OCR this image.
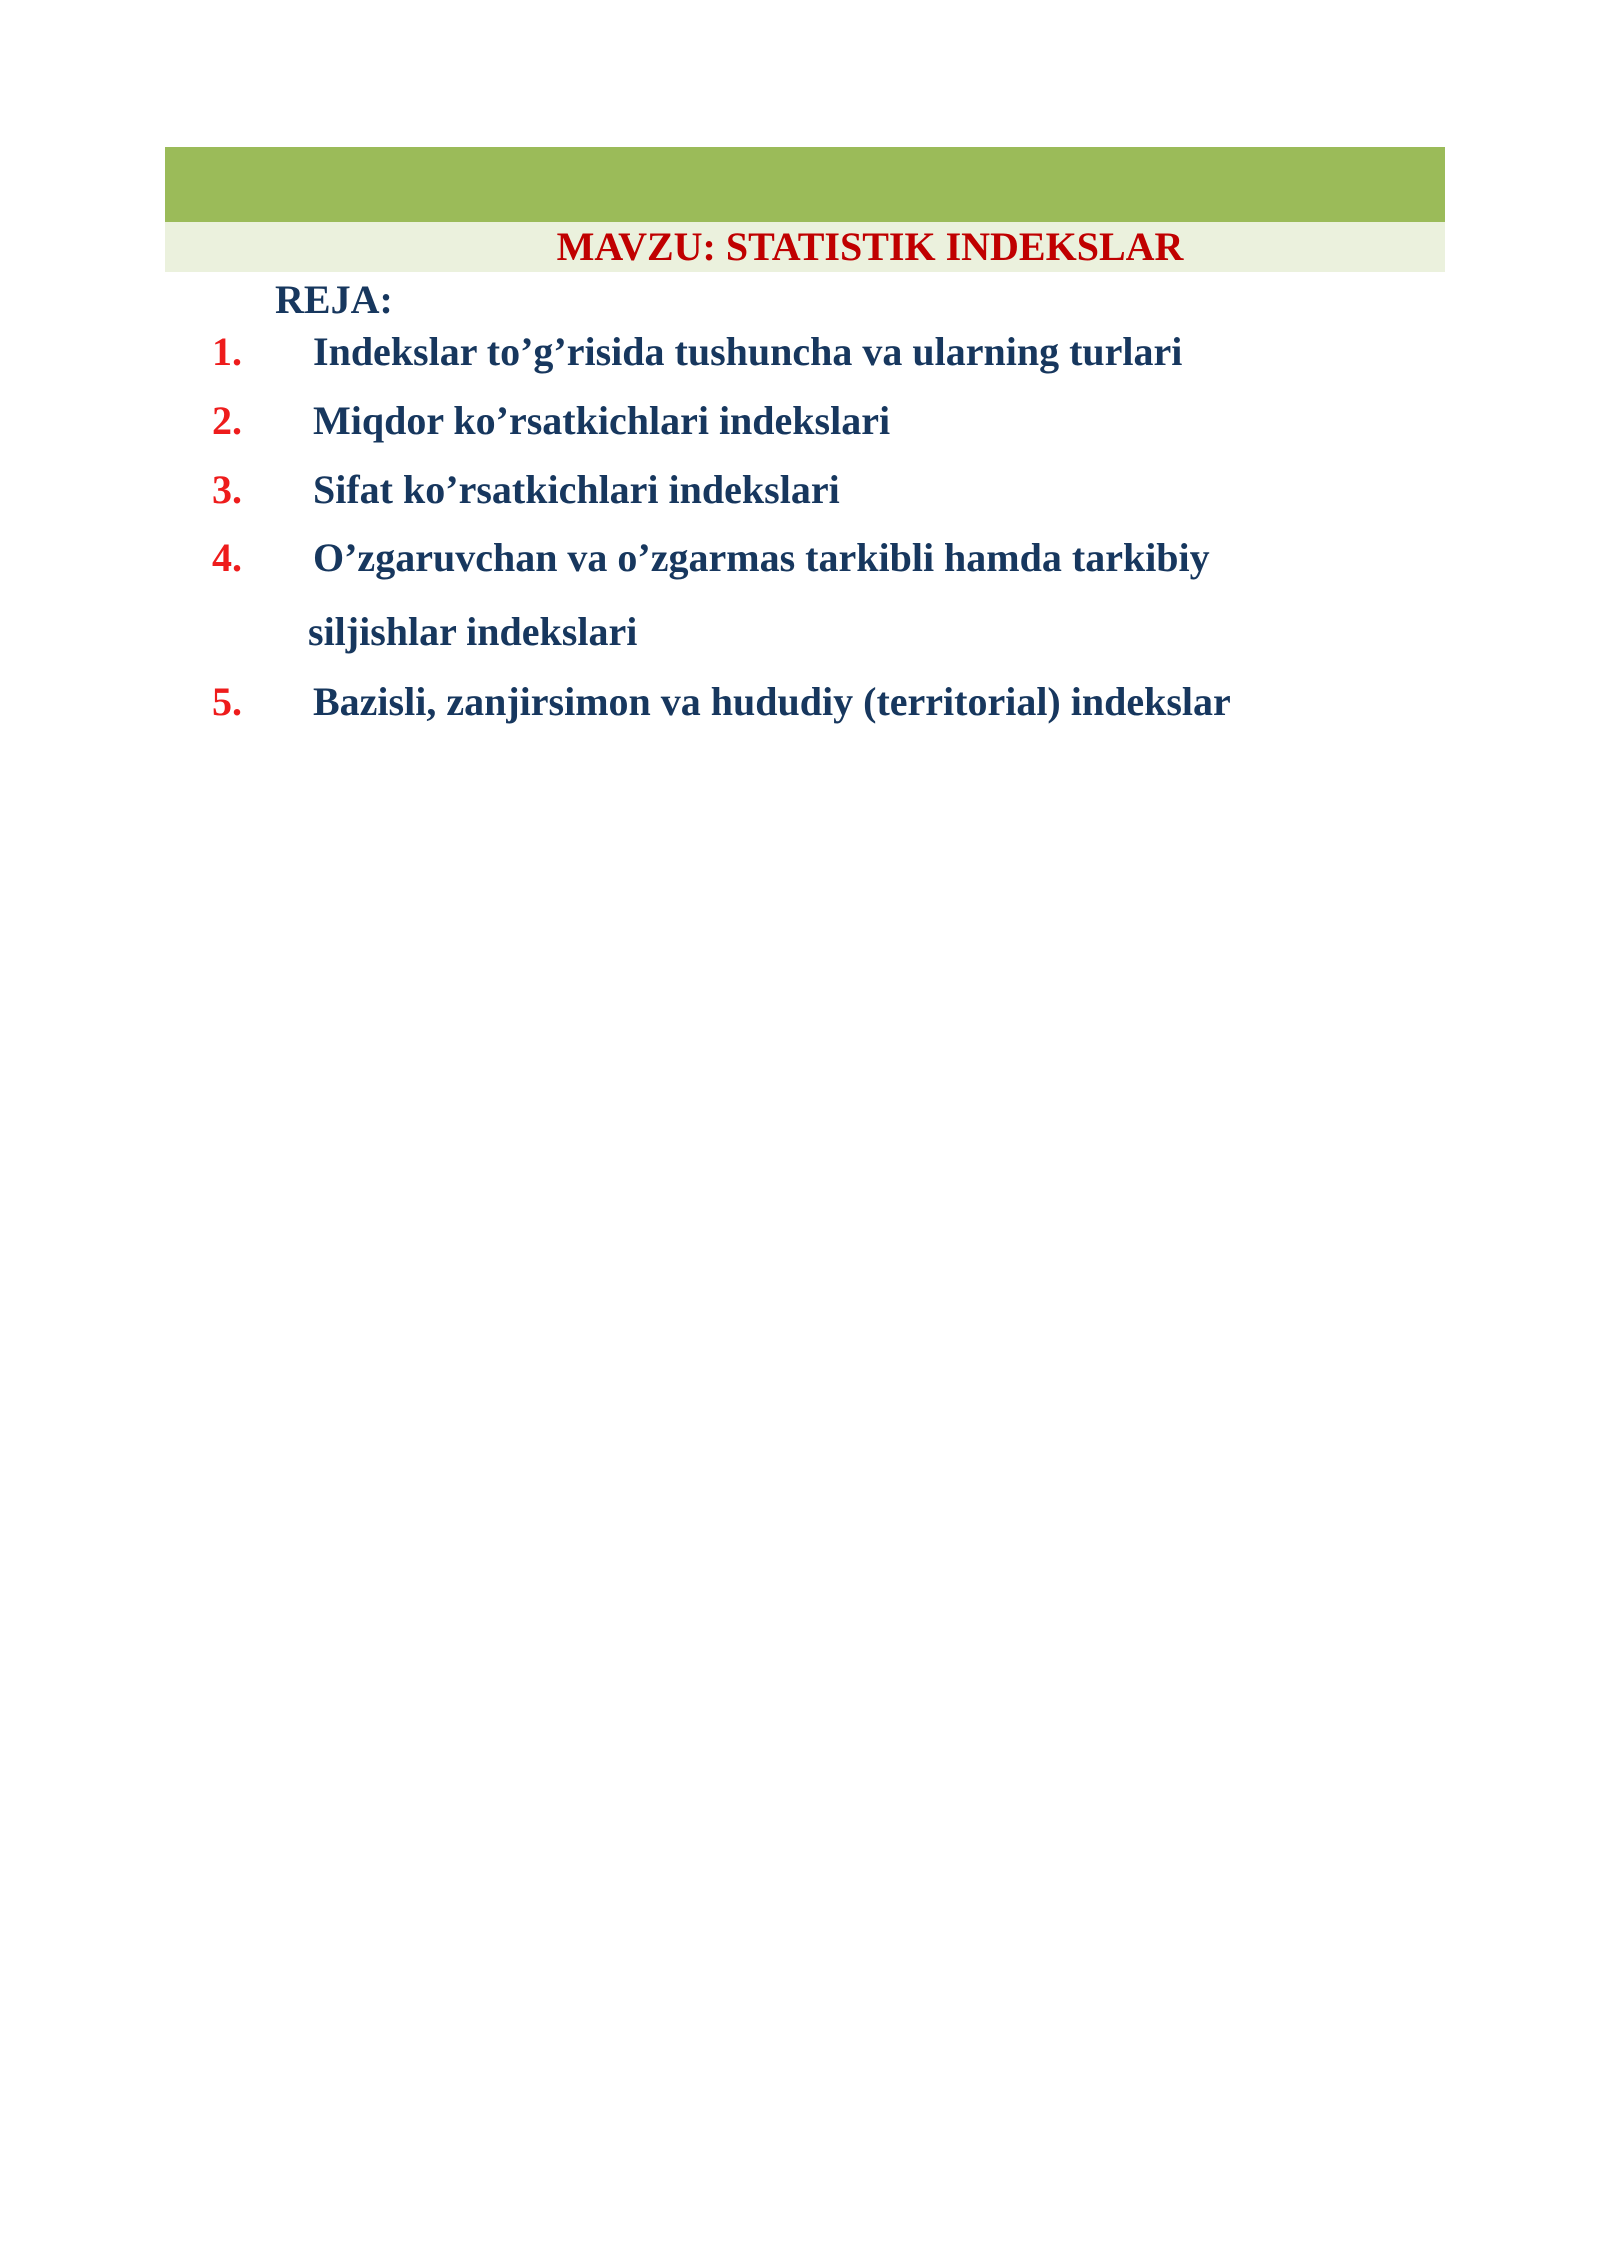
MAVZU: STATISTIK INDEKSLAR
REJA:
1. Indekslar to’g’risida tushuncha va ularning turlari
2. Miqdor ko’rsatkichlari indekslari
3. Sifat ko’rsatkichlari indekslari
4. O’zgaruvchan va o’zgarmas tarkibli hamda tarkibiy
siljishlar indekslari
5. Bazisli, zanjirsimon va hududiy (territorial) indekslar
